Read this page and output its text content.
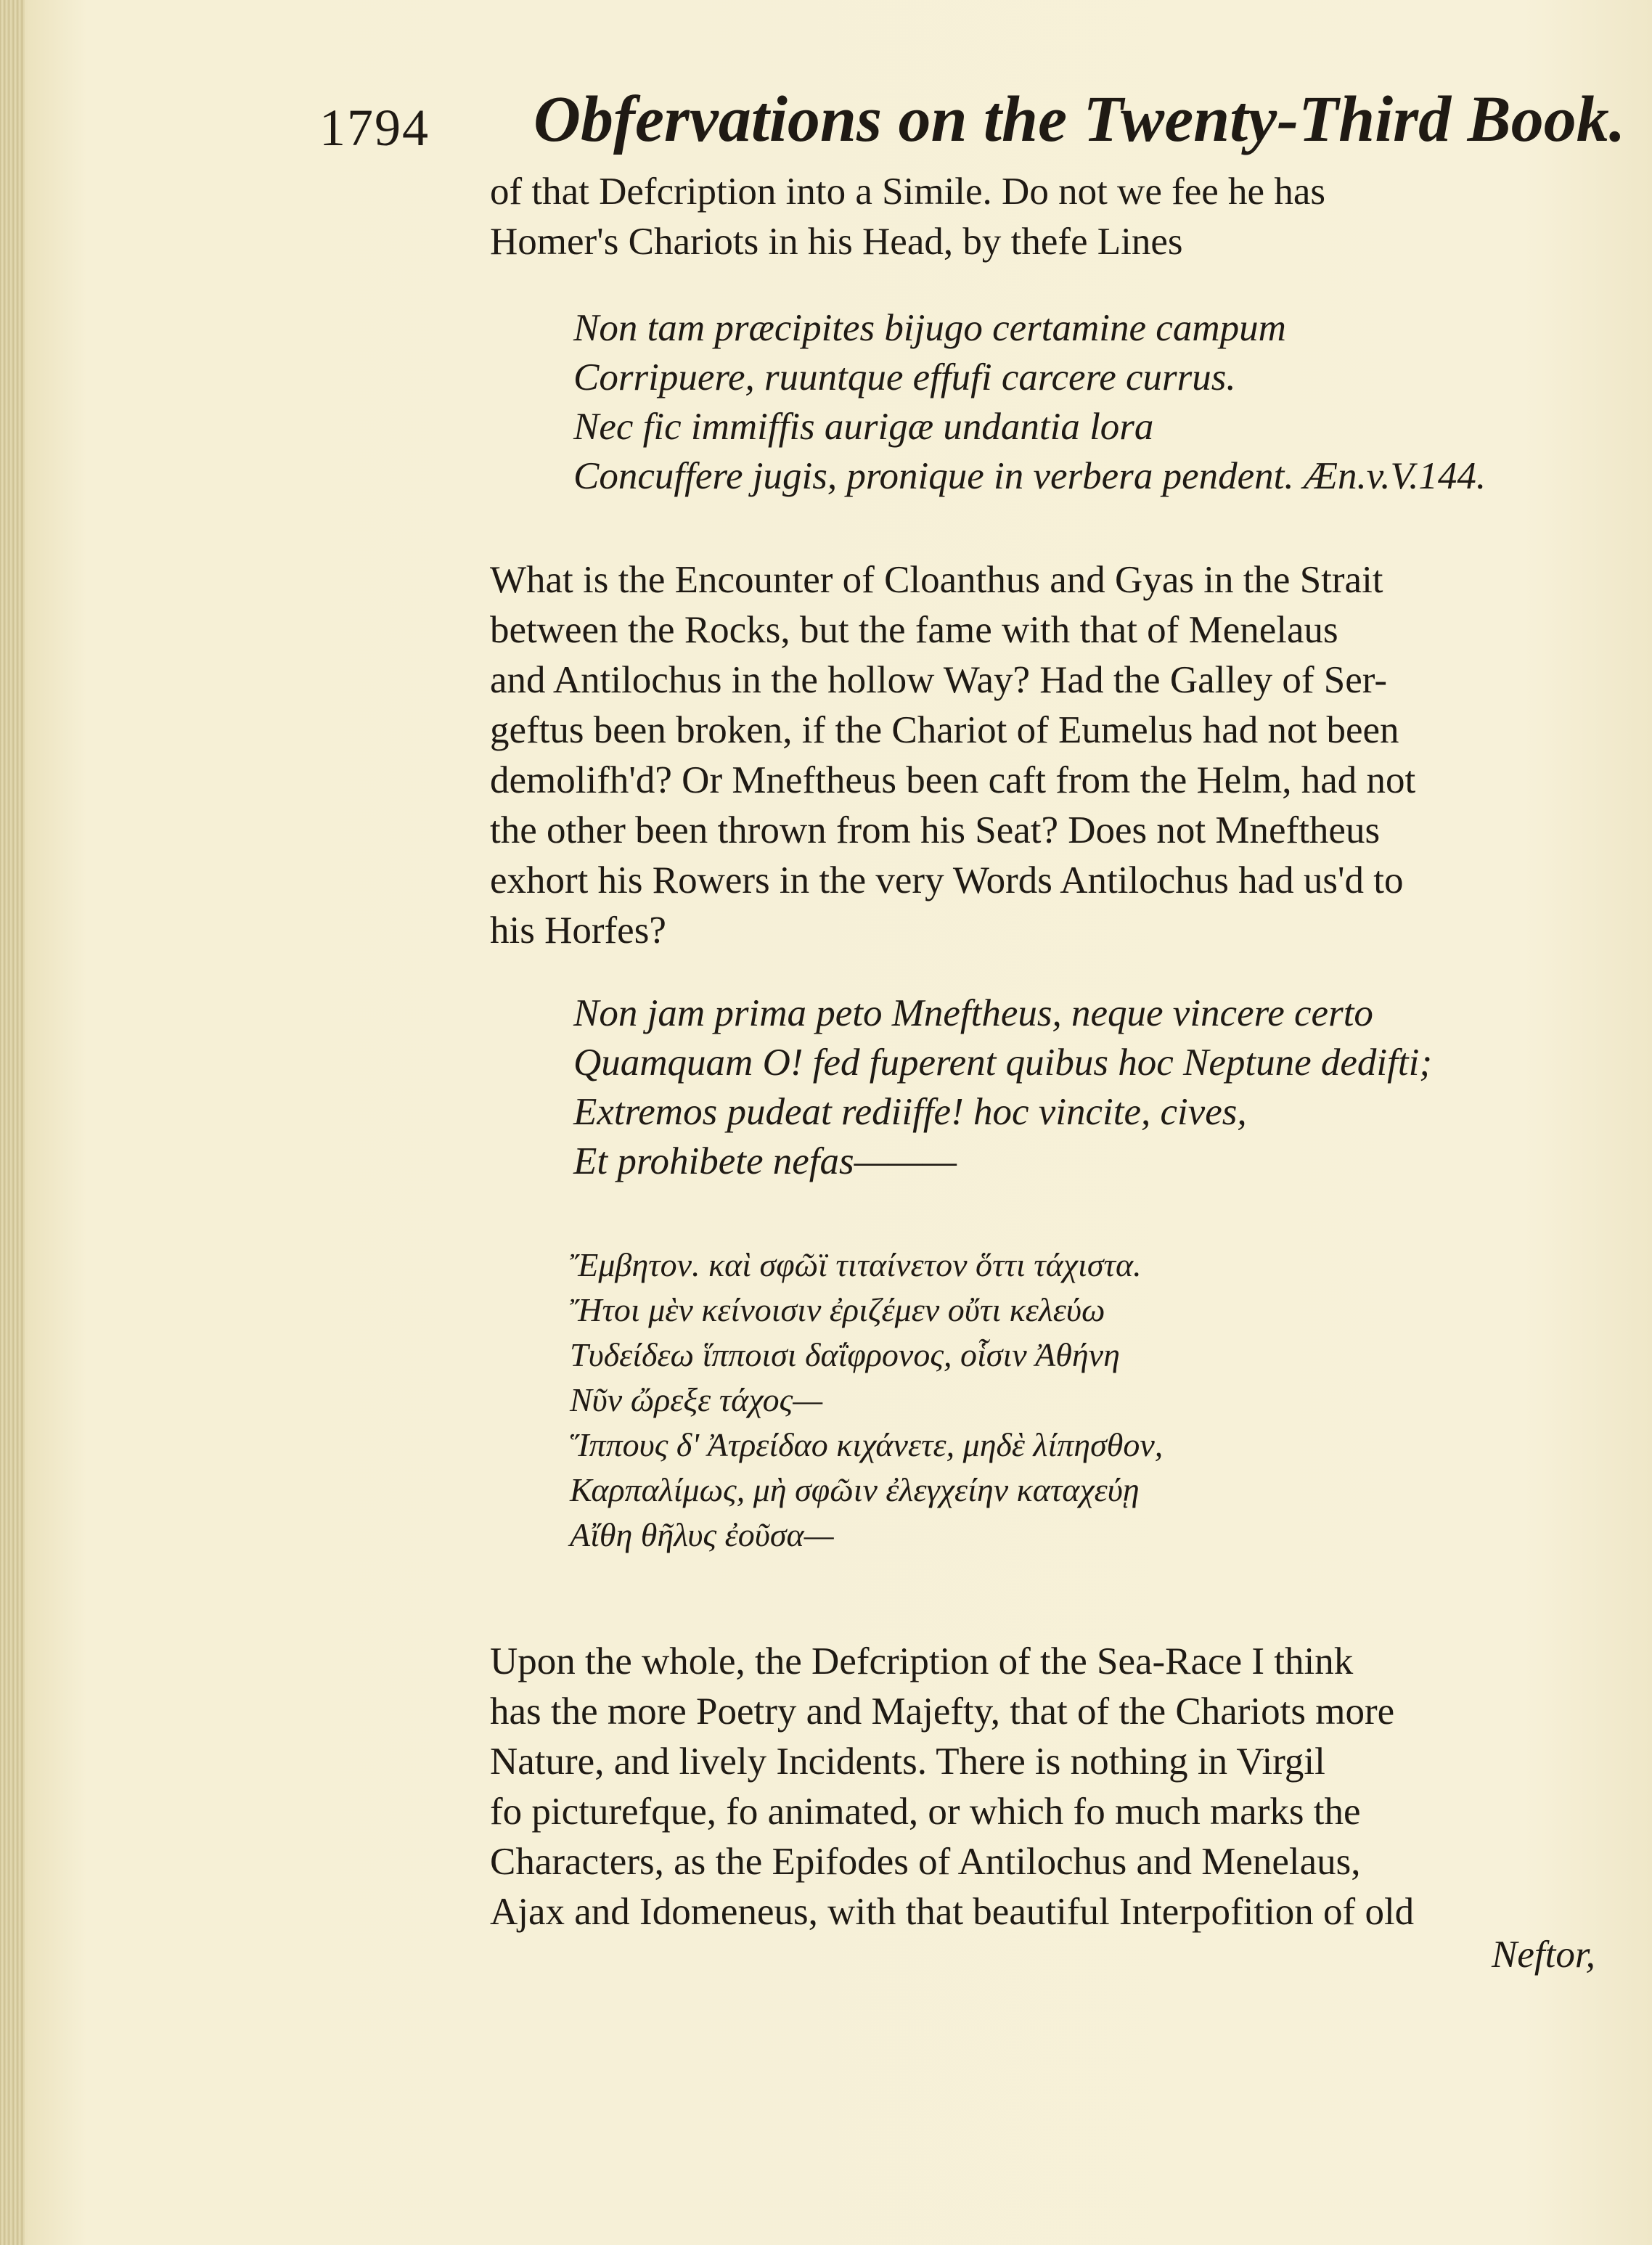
1794 Obfervations on the Twenty-Third Book.
of that Defcription into a Simile. Do not we fee he has
Homer's Chariots in his Head, by thefe Lines
Non tam præcipites bijugo certamine campum
Corripuere, ruuntque effufi carcere currus.
Nec fic immiffis aurigæ undantia lora
Concuffere jugis, pronique in verbera pendent. Æn.v.V.144.
What is the Encounter of Cloanthus and Gyas in the Strait
between the Rocks, but the fame with that of Menelaus
and Antilochus in the hollow Way? Had the Galley of Ser-
geftus been broken, if the Chariot of Eumelus had not been
demolifh'd? Or Mneftheus been caft from the Helm, had not
the other been thrown from his Seat? Does not Mneftheus
exhort his Rowers in the very Words Antilochus had us'd to
his Horfes?
Non jam prima peto Mneftheus, neque vincere certo
Quamquam O! fed fuperent quibus hoc Neptune dedifti;
Extremos pudeat rediiffe! hoc vincite, cives,
Et prohibete nefas———
Ἔμβητον. καὶ σφῶϊ τιταίνετον ὅττι τάχιστα.
Ἤτοι μὲν κείνοισιν ἐριζέμεν οὔτι κελεύω
Τυδείδεω ἵπποισι δαΐφρονος, οἷσιν Ἀθήνη
Νῦν ὤρεξε τάχος—
Ἵππους δ' Ἀτρείδαο κιχάνετε, μηδὲ λίπησθον,
Καρπαλίμως, μὴ σφῶιν ἐλεγχείην καταχεύῃ
Αἴθη θῆλυς ἐοῦσα—
Upon the whole, the Defcription of the Sea-Race I think
has the more Poetry and Majefty, that of the Chariots more
Nature, and lively Incidents. There is nothing in Virgil
fo picturefque, fo animated, or which fo much marks the
Characters, as the Epifodes of Antilochus and Menelaus,
Ajax and Idomeneus, with that beautiful Interpofition of old
Neftor,
